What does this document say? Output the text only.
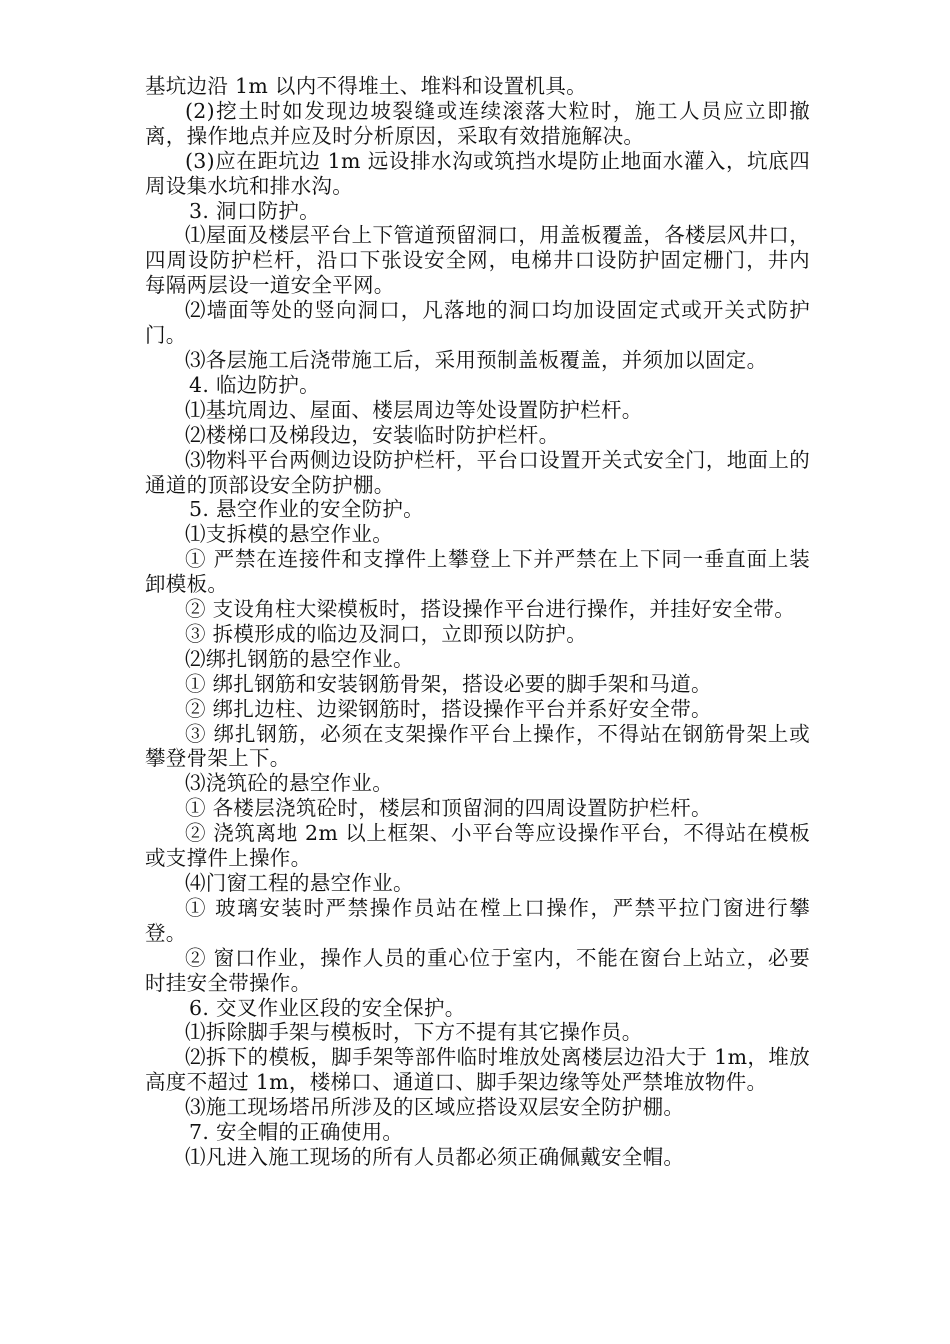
基坑边沿 1m 以内不得堆土、堆料和设置机具。

(2)挖土时如发现边坡裂缝或连续滚落大粒时，施工人员应立即撤离，操作地点并应及时分析原因，采取有效措施解决。

(3)应在距坑边 1m 远设排水沟或筑挡水堤防止地面水灌入，坑底四周设集水坑和排水沟。

3. 洞口防护。

⑴屋面及楼层平台上下管道预留洞口，用盖板覆盖，各楼层风井口，四周设防护栏杆，沿口下张设安全网，电梯井口设防护固定栅门，井内每隔两层设一道安全平网。

⑵墙面等处的竖向洞口，凡落地的洞口均加设固定式或开关式防护门。

⑶各层施工后浇带施工后，采用预制盖板覆盖，并须加以固定。

4. 临边防护。

⑴基坑周边、屋面、楼层周边等处设置防护栏杆。

⑵楼梯口及梯段边，安装临时防护栏杆。

⑶物料平台两侧边设防护栏杆，平台口设置开关式安全门，地面上的通道的顶部设安全防护棚。

5. 悬空作业的安全防护。

⑴支拆模的悬空作业。

① 严禁在连接件和支撑件上攀登上下并严禁在上下同一垂直面上装卸模板。

② 支设角柱大梁模板时，搭设操作平台进行操作，并挂好安全带。

③ 拆模形成的临边及洞口，立即预以防护。

⑵绑扎钢筋的悬空作业。

① 绑扎钢筋和安装钢筋骨架，搭设必要的脚手架和马道。

② 绑扎边柱、边梁钢筋时，搭设操作平台并系好安全带。

③ 绑扎钢筋，必须在支架操作平台上操作，不得站在钢筋骨架上或攀登骨架上下。

⑶浇筑砼的悬空作业。

① 各楼层浇筑砼时，楼层和顶留洞的四周设置防护栏杆。

② 浇筑离地 2m 以上框架、小平台等应设操作平台，不得站在模板或支撑件上操作。

⑷门窗工程的悬空作业。

① 玻璃安装时严禁操作员站在樘上口操作，严禁平拉门窗进行攀登。

② 窗口作业，操作人员的重心位于室内，不能在窗台上站立，必要时挂安全带操作。

6. 交叉作业区段的安全保护。

⑴拆除脚手架与模板时，下方不提有其它操作员。

⑵拆下的模板，脚手架等部件临时堆放处离楼层边沿大于 1m，堆放高度不超过 1m，楼梯口、通道口、脚手架边缘等处严禁堆放物件。

⑶施工现场塔吊所涉及的区域应搭设双层安全防护棚。

7. 安全帽的正确使用。

⑴凡进入施工现场的所有人员都必须正确佩戴安全帽。
